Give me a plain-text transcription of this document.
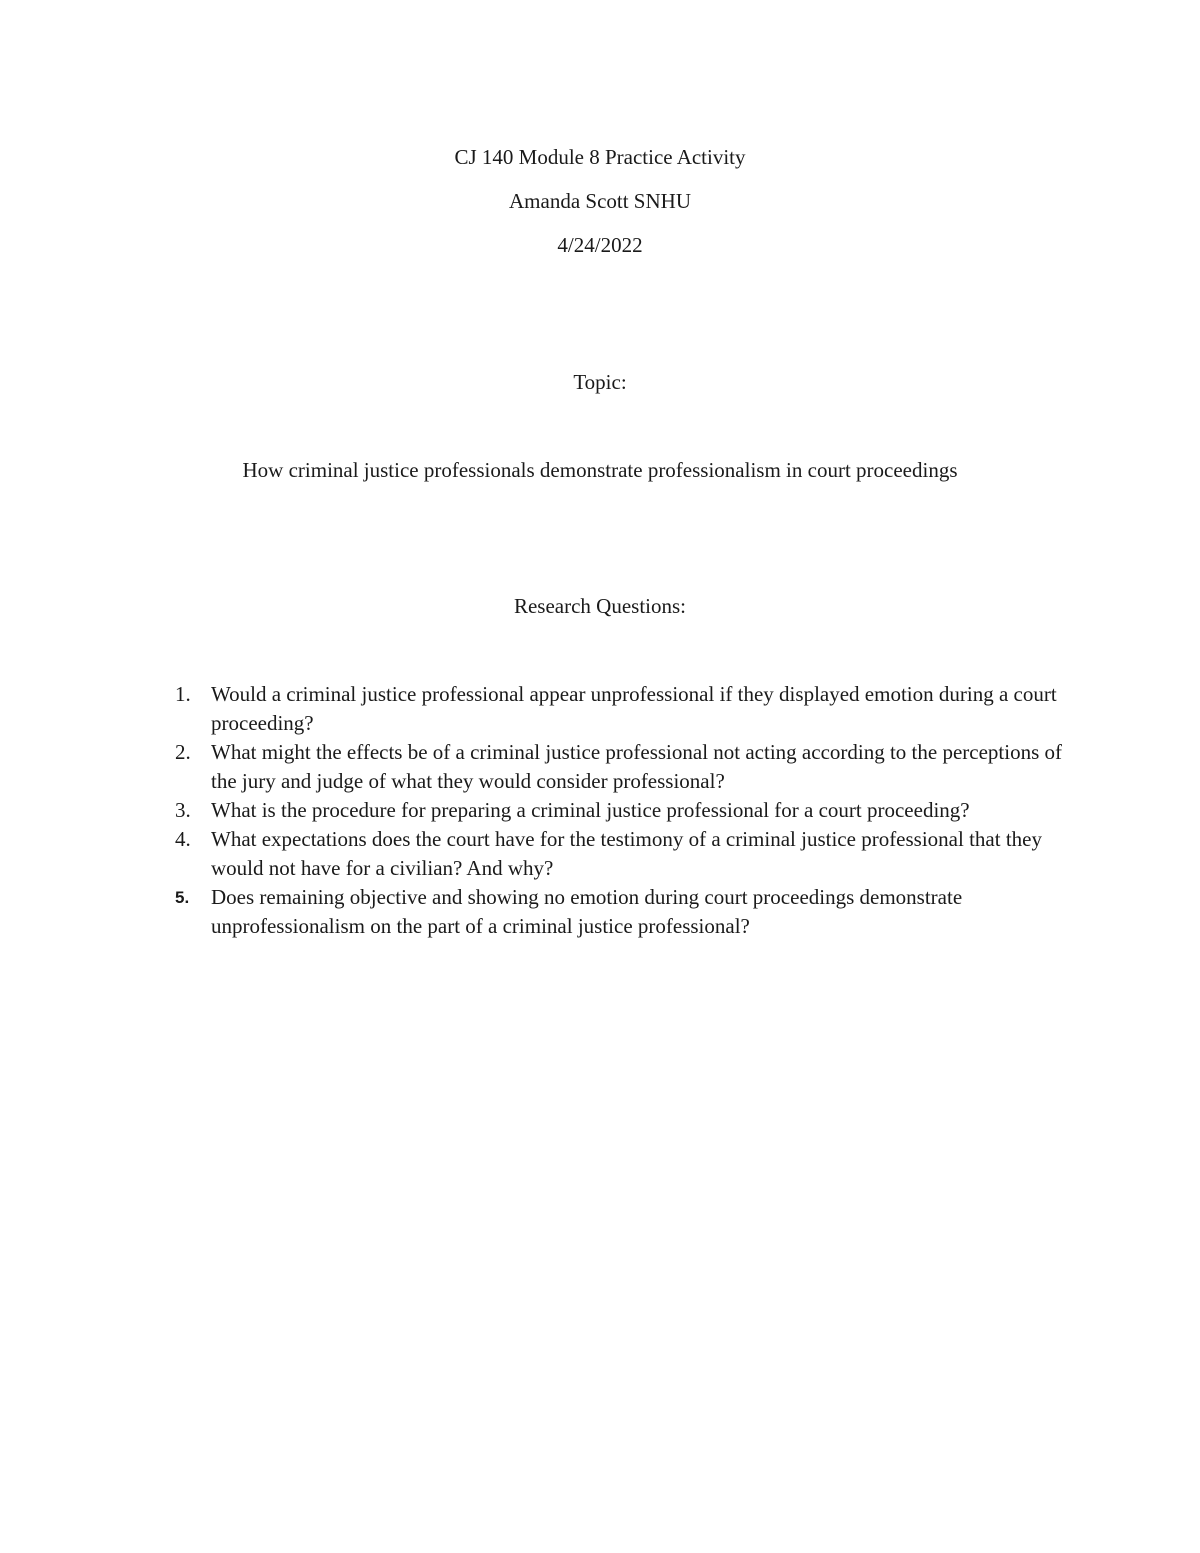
CJ 140 Module 8 Practice Activity
Amanda Scott SNHU
4/24/2022
Topic:
How criminal justice professionals demonstrate professionalism in court proceedings
Research Questions:
1. Would a criminal justice professional appear unprofessional if they displayed emotion during a court proceeding?
2. What might the effects be of a criminal justice professional not acting according to the perceptions of the jury and judge of what they would consider professional?
3. What is the procedure for preparing a criminal justice professional for a court proceeding?
4. What expectations does the court have for the testimony of a criminal justice professional that they would not have for a civilian? And why?
5. Does remaining objective and showing no emotion during court proceedings demonstrate unprofessionalism on the part of a criminal justice professional?
